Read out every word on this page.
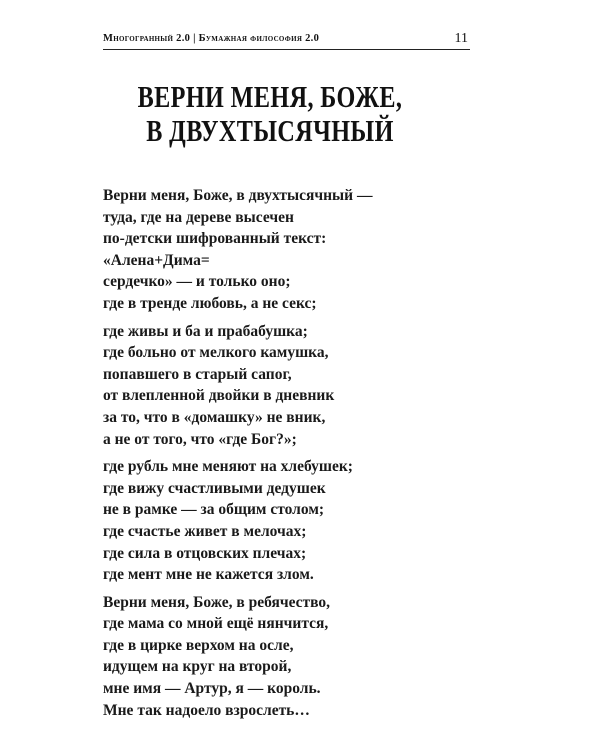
Многогранный 2.0 | Бумажная философия 2.0	11
ВЕРНИ МЕНЯ, БОЖЕ,
В ДВУХТЫСЯЧНЫЙ
Верни меня, Боже, в двухтысячный —
туда, где на дереве высечен
по-детски шифрованный текст:
«Алена+Дима=
сердечко» — и только оно;
где в тренде любовь, а не секс;
где живы и ба и прабабушка;
где больно от мелкого камушка,
попавшего в старый сапог,
от влепленной двойки в дневник
за то, что в «домашку» не вник,
а не от того, что «где Бог?»;
где рубль мне меняют на хлебушек;
где вижу счастливыми дедушек
не в рамке — за общим столом;
где счастье живет в мелочах;
где сила в отцовских плечах;
где мент мне не кажется злом.
Верни меня, Боже, в ребячество,
где мама со мной ещё нянчится,
где в цирке верхом на осле,
идущем на круг на второй,
мне имя — Артур, я — король.
Мне так надоело взрослеть…
